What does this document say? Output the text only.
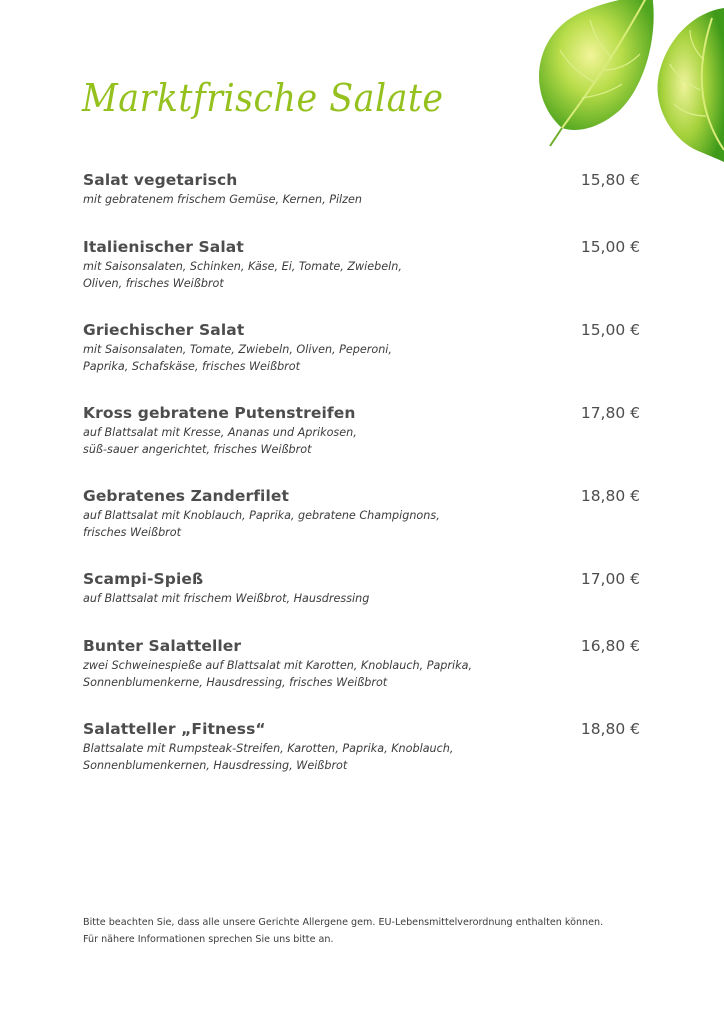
Marktfrische Salate
Salat vegetarisch	15,80 €
mit gebratenem frischem Gemüse, Kernen, Pilzen
Italienischer Salat	15,00 €
mit Saisonsalaten, Schinken, Käse, Ei, Tomate, Zwiebeln,
Oliven, frisches Weißbrot
Griechischer Salat	15,00 €
mit Saisonsalaten, Tomate, Zwiebeln, Oliven, Peperoni,
Paprika, Schafskäse, frisches Weißbrot
Kross gebratene Putenstreifen	17,80 €
auf Blattsalat mit Kresse, Ananas und Aprikosen,
süß-sauer angerichtet, frisches Weißbrot
Gebratenes Zanderfilet	18,80 €
auf Blattsalat mit Knoblauch, Paprika, gebratene Champignons,
frisches Weißbrot
Scampi-Spieß	17,00 €
auf Blattsalat mit frischem Weißbrot, Hausdressing
Bunter Salatteller	16,80 €
zwei Schweinespieße auf Blattsalat mit Karotten, Knoblauch, Paprika,
Sonnenblumenkerne, Hausdressing, frisches Weißbrot
Salatteller „Fitness“	18,80 €
Blattsalate mit Rumpsteak-Streifen, Karotten, Paprika, Knoblauch,
Sonnenblumenkernen, Hausdressing, Weißbrot
Bitte beachten Sie, dass alle unsere Gerichte Allergene gem. EU-Lebensmittelverordnung enthalten können.
Für nähere Informationen sprechen Sie uns bitte an.
